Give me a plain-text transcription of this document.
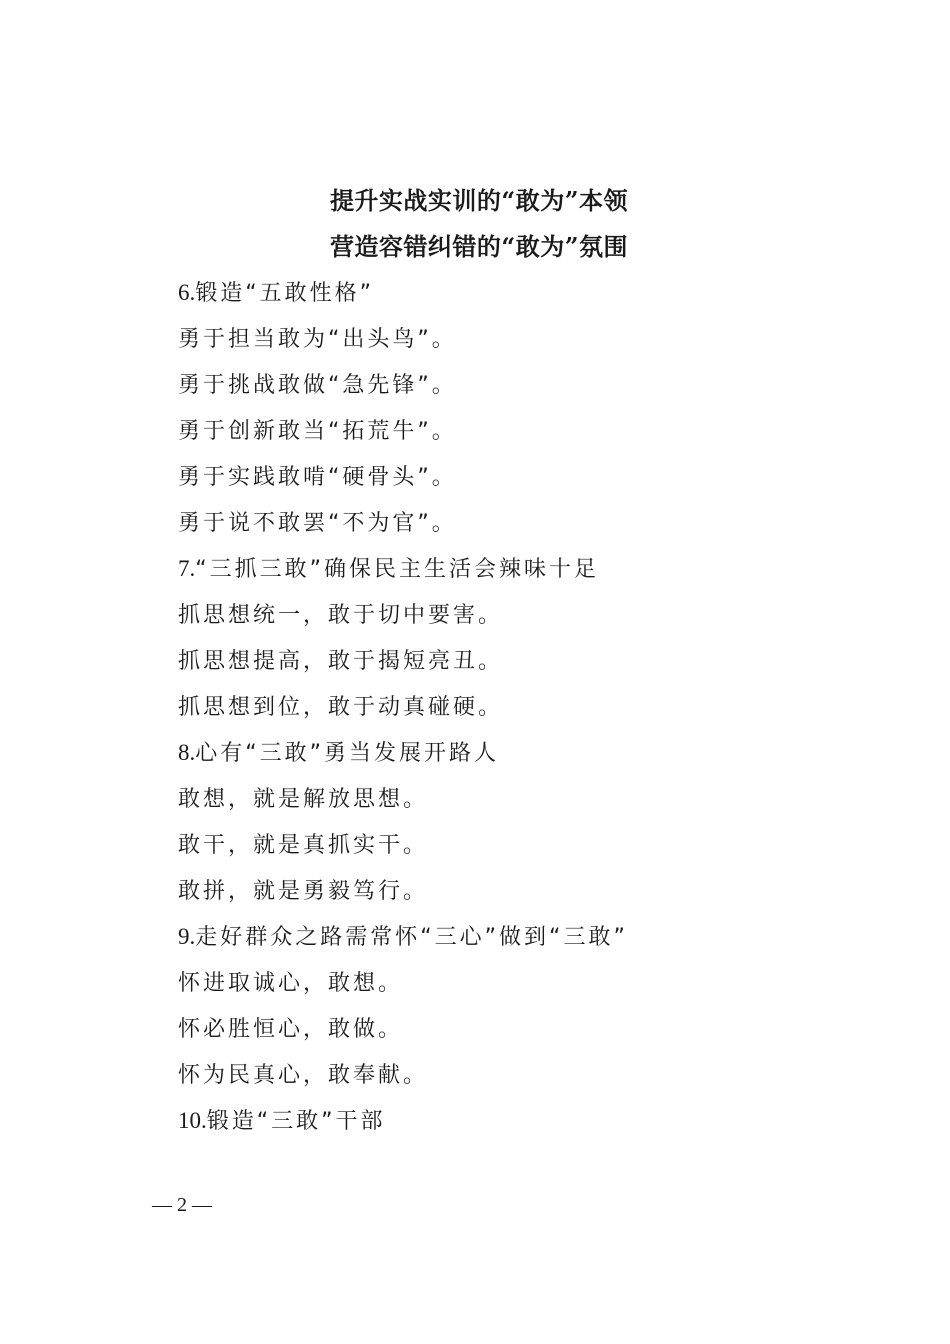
提升实战实训的“敢为”本领
营造容错纠错的“敢为”氛围
6.锻造“五敢性格”
勇于担当敢为“出头鸟”。
勇于挑战敢做“急先锋”。
勇于创新敢当“拓荒牛”。
勇于实践敢啃“硬骨头”。
勇于说不敢罢“不为官”。
7.“三抓三敢”确保民主生活会辣味十足
抓思想统一，敢于切中要害。
抓思想提高，敢于揭短亮丑。
抓思想到位，敢于动真碰硬。
8.心有“三敢”勇当发展开路人
敢想，就是解放思想。
敢干，就是真抓实干。
敢拼，就是勇毅笃行。
9.走好群众之路需常怀“三心”做到“三敢”
怀进取诚心，敢想。
怀必胜恒心，敢做。
怀为民真心，敢奉献。
10.锻造“三敢”干部
— 2 —
